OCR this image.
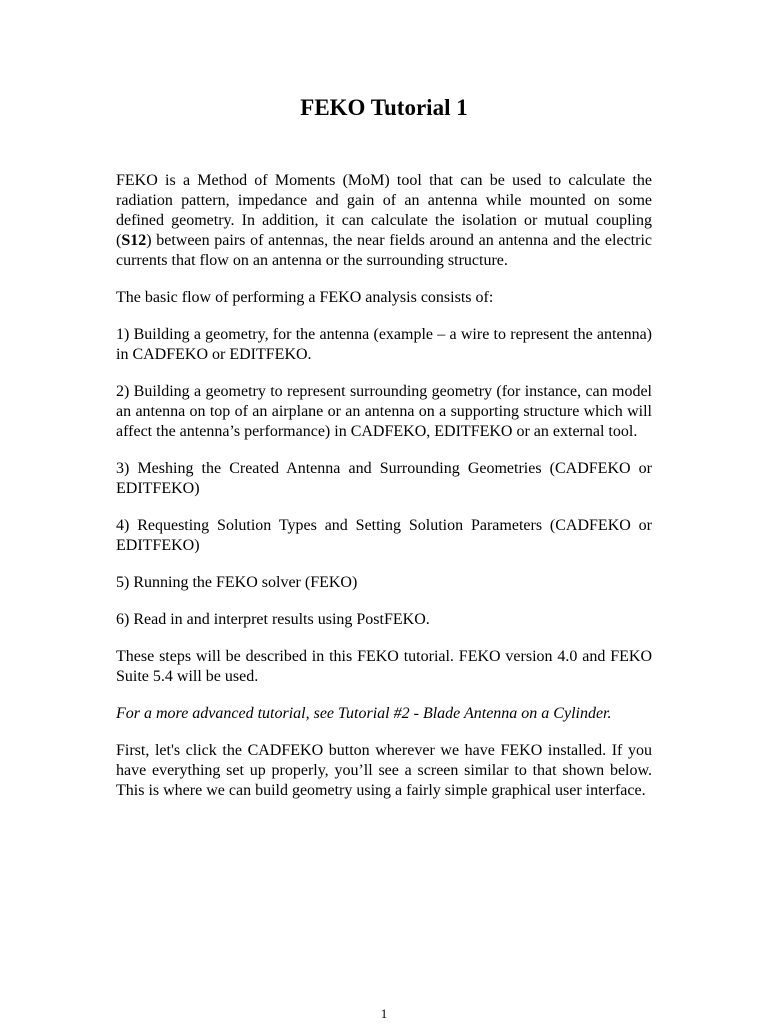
FEKO Tutorial 1

FEKO is a Method of Moments (MoM) tool that can be used to calculate the radiation pattern, impedance and gain of an antenna while mounted on some defined geometry. In addition, it can calculate the isolation or mutual coupling (S12) between pairs of antennas, the near fields around an antenna and the electric currents that flow on an antenna or the surrounding structure.

The basic flow of performing a FEKO analysis consists of:

1) Building a geometry, for the antenna (example – a wire to represent the antenna) in CADFEKO or EDITFEKO.

2) Building a geometry to represent surrounding geometry (for instance, can model an antenna on top of an airplane or an antenna on a supporting structure which will affect the antenna’s performance) in CADFEKO, EDITFEKO or an external tool.

3) Meshing the Created Antenna and Surrounding Geometries (CADFEKO or EDITFEKO)

4) Requesting Solution Types and Setting Solution Parameters (CADFEKO or EDITFEKO)

5) Running the FEKO solver (FEKO)

6) Read in and interpret results using PostFEKO.

These steps will be described in this FEKO tutorial. FEKO version 4.0 and FEKO Suite 5.4 will be used.

For a more advanced tutorial, see Tutorial #2 - Blade Antenna on a Cylinder.

First, let's click the CADFEKO button wherever we have FEKO installed. If you have everything set up properly, you’ll see a screen similar to that shown below. This is where we can build geometry using a fairly simple graphical user interface.

1
